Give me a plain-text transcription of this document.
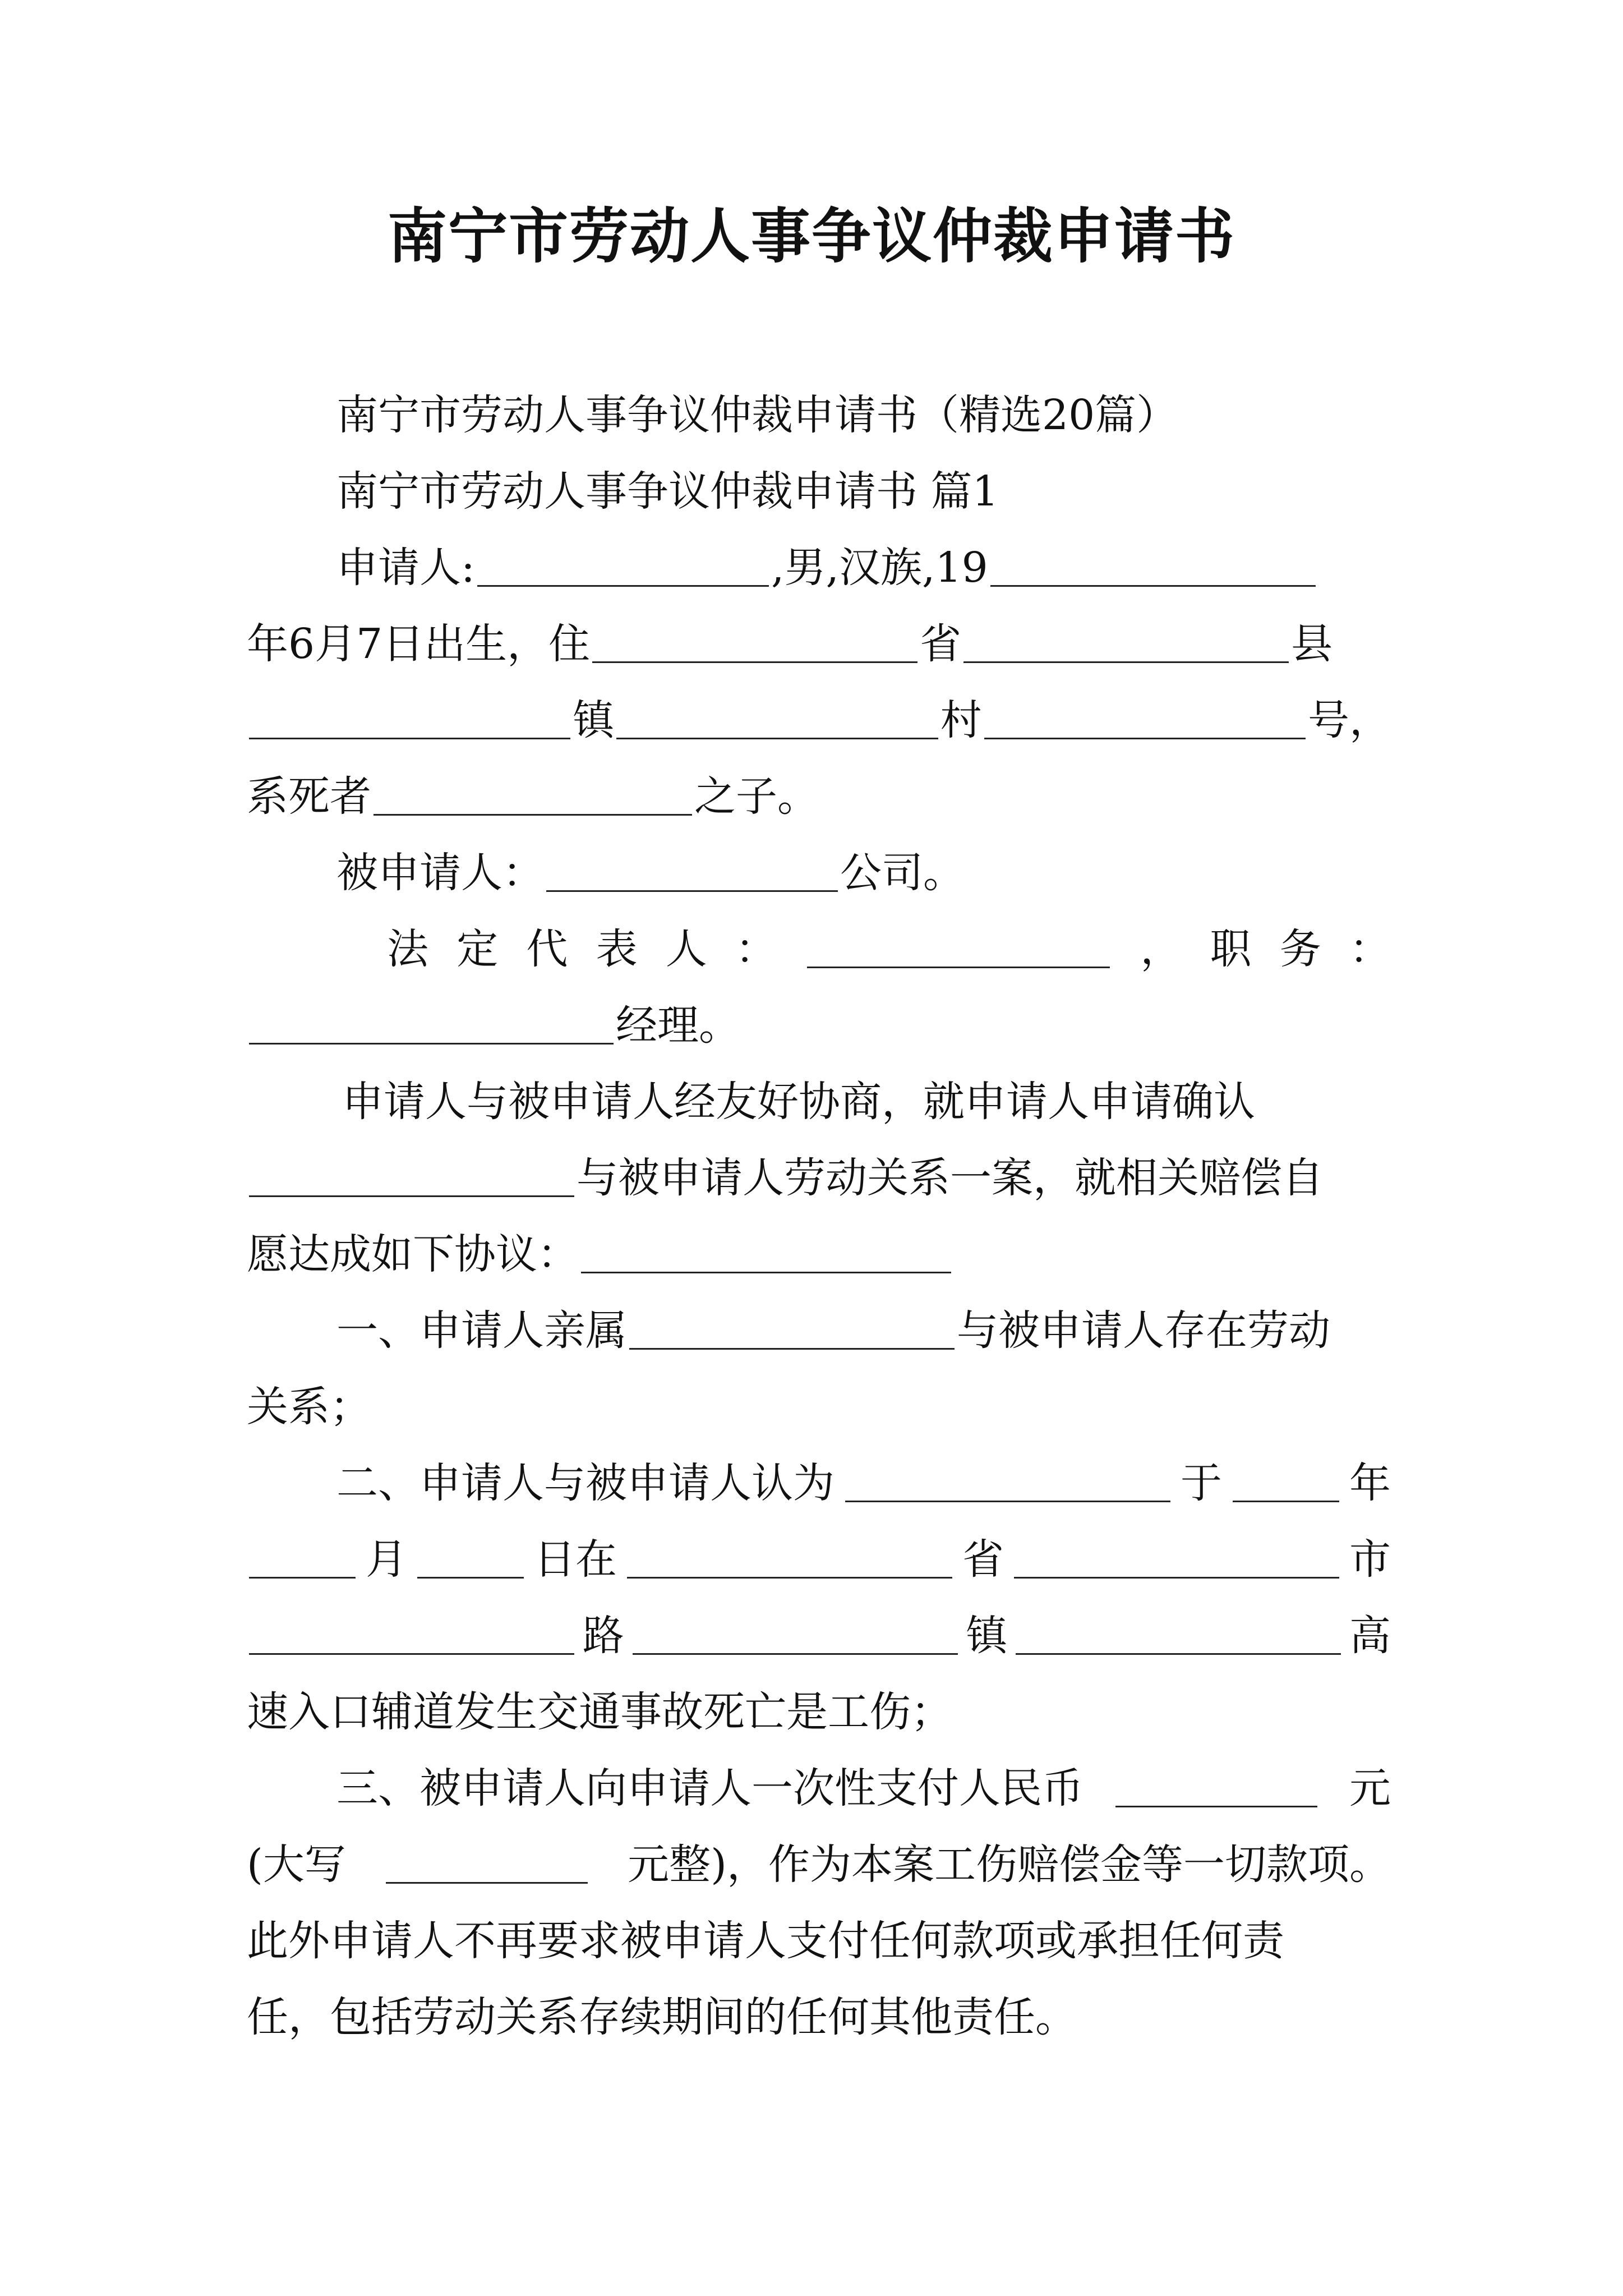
南宁市劳动人事争议仲裁申请书
南宁市劳动人事争议仲裁申请书（精选20篇）
南宁市劳动人事争议仲裁申请书 篇1
申请人:	,男,汉族,19
年6月7日出生，住	省	县
镇	村	号，
系死者	之子。
被申请人：	公司。
法 定 代 表 人 ：	， 职 务 ：
经理。
申请人与被申请人经友好协商，就申请人申请确认
与被申请人劳动关系一案，就相关赔偿自
愿达成如下协议：
一、申请人亲属	与被申请人存在劳动
关系；
二、申请人与被申请人认为	于	年
月	日在	省	市
路	镇	高
速入口辅道发生交通事故死亡是工伤；
三、被申请人向申请人一次性支付人民币	元
(大写	元整)，作为本案工伤赔偿金等一切款项。
此外申请人不再要求被申请人支付任何款项或承担任何责
任，包括劳动关系存续期间的任何其他责任。
